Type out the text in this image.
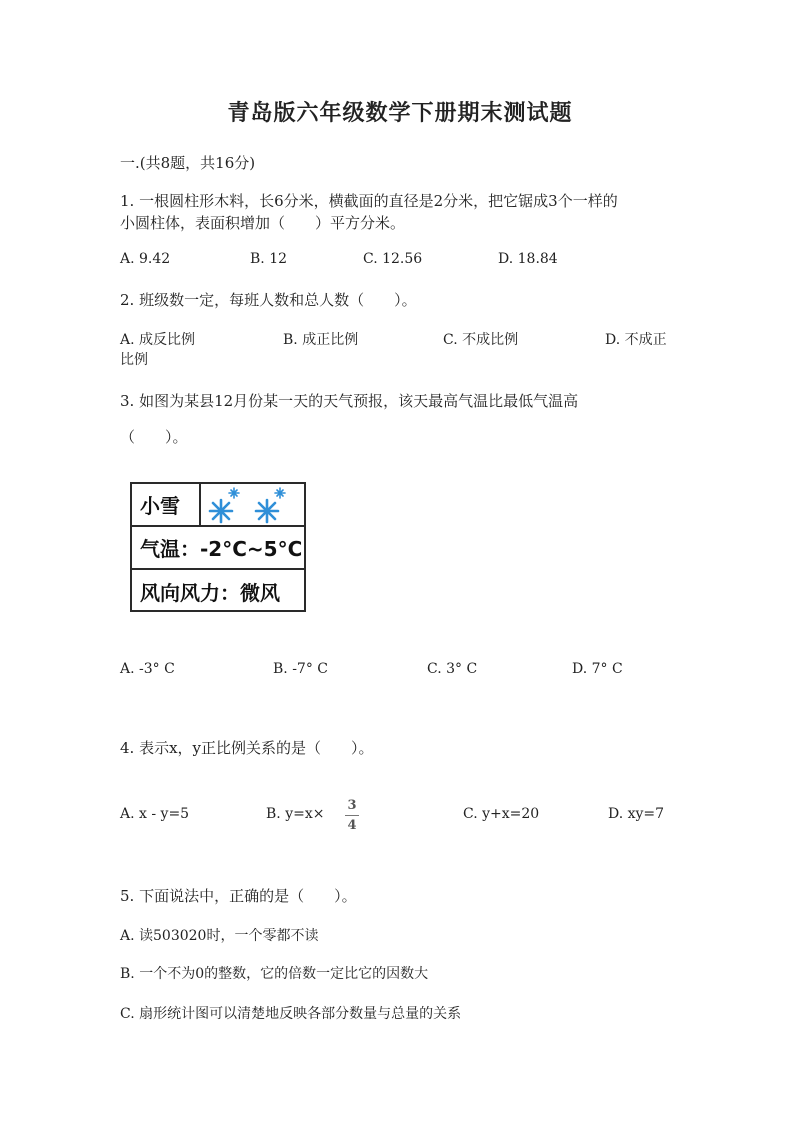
青岛版六年级数学下册期末测试题
一.(共8题，共16分)
1. 一根圆柱形木料，长6分米，横截面的直径是2分米，把它锯成3个一样的
小圆柱体，表面积增加（　　）平方分米。
A. 9.42	B. 12	C. 12.56	D. 18.84
2. 班级数一定，每班人数和总人数（　　）。
A. 成反比例	B. 成正比例	C. 不成比例	D. 不成正
比例
3. 如图为某县12月份某一天的天气预报，该天最高气温比最低气温高
（　　）。
小雪
气温：-2°C~5°C
风向风力：微风
A. -3° C	B. -7° C	C. 3° C	D. 7° C
4. 表示x，y正比例关系的是（　　）。
A. x - y=5	B. y=x×
3
4
C. y+x=20	D. xy=7
5. 下面说法中，正确的是（　　）。
A. 读503020时，一个零都不读
B. 一个不为0的整数，它的倍数一定比它的因数大
C. 扇形统计图可以清楚地反映各部分数量与总量的关系
